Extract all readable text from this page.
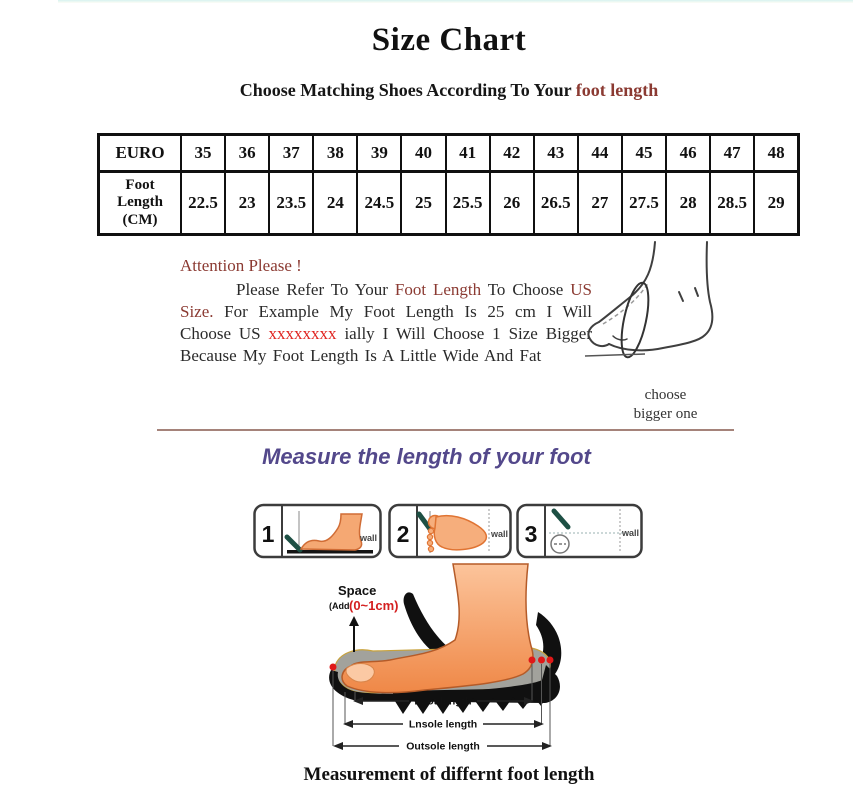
Size Chart
Choose Matching Shoes According To Your foot length
EURO	35	36	37	38	39	40	41	42	43	44	45	46	47	48
Foot Length (CM)	22.5	23	23.5	24	24.5	25	25.5	26	26.5	27	27.5	28	28.5	29
Attention Please !
Please Refer To Your Foot Length To Choose US Size. For Example My Foot Length Is 25 cm I Will Choose US xxxxxxxx ially I Will Choose 1 Size Bigger Because My Foot Length Is A Little Wide And Fat
choose
bigger one
Measure the length of your foot
1	wall 2	wall 3	wall
Space
(Add (0~1cm)
Foot length
Lnsole length
Outsole length
Measurement of differnt foot length
